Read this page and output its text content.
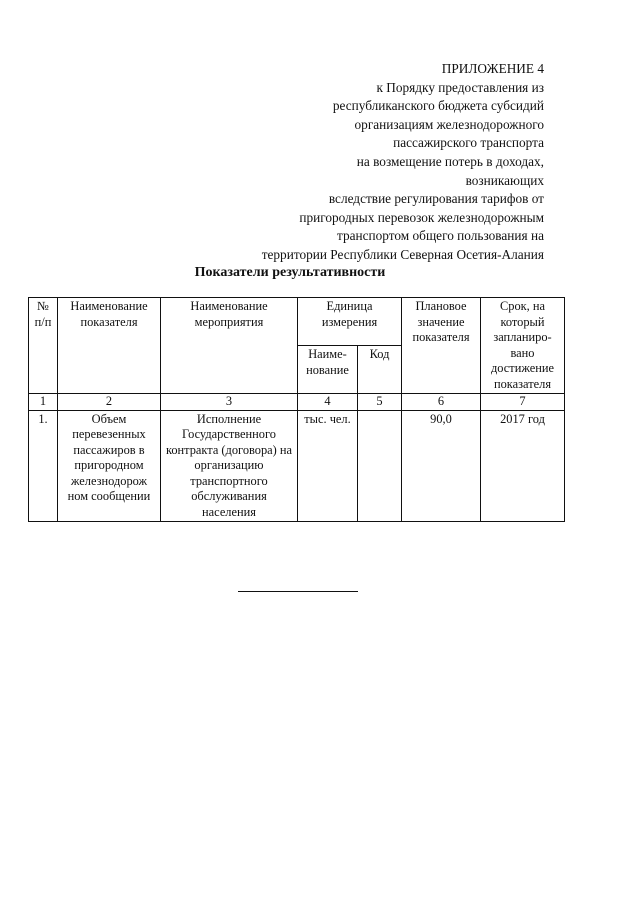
ПРИЛОЖЕНИЕ 4
к Порядку предоставления из
республиканского бюджета субсидий
организациям железнодорожного
пассажирского транспорта
на возмещение потерь в доходах,
возникающих
вследствие регулирования тарифов от
пригородных перевозок железнодорожным
транспортом общего пользования на
территории Республики Северная Осетия-Алания
Показатели результативности
№ п/п	Наименование показателя	Наименование мероприятия	Единица измерения		Плановое значение показателя	Срок, на который запланиро-вано достижение показателя
			Наиме-нование	Код		
1	2	3	4	5	6	7
1.	Объем перевезенных пассажиров в пригородном железнодорож ном сообщении	Исполнение Государственного контракта (договора) на организацию транспортного обслуживания населения	тыс. чел.		90,0	2017 год
